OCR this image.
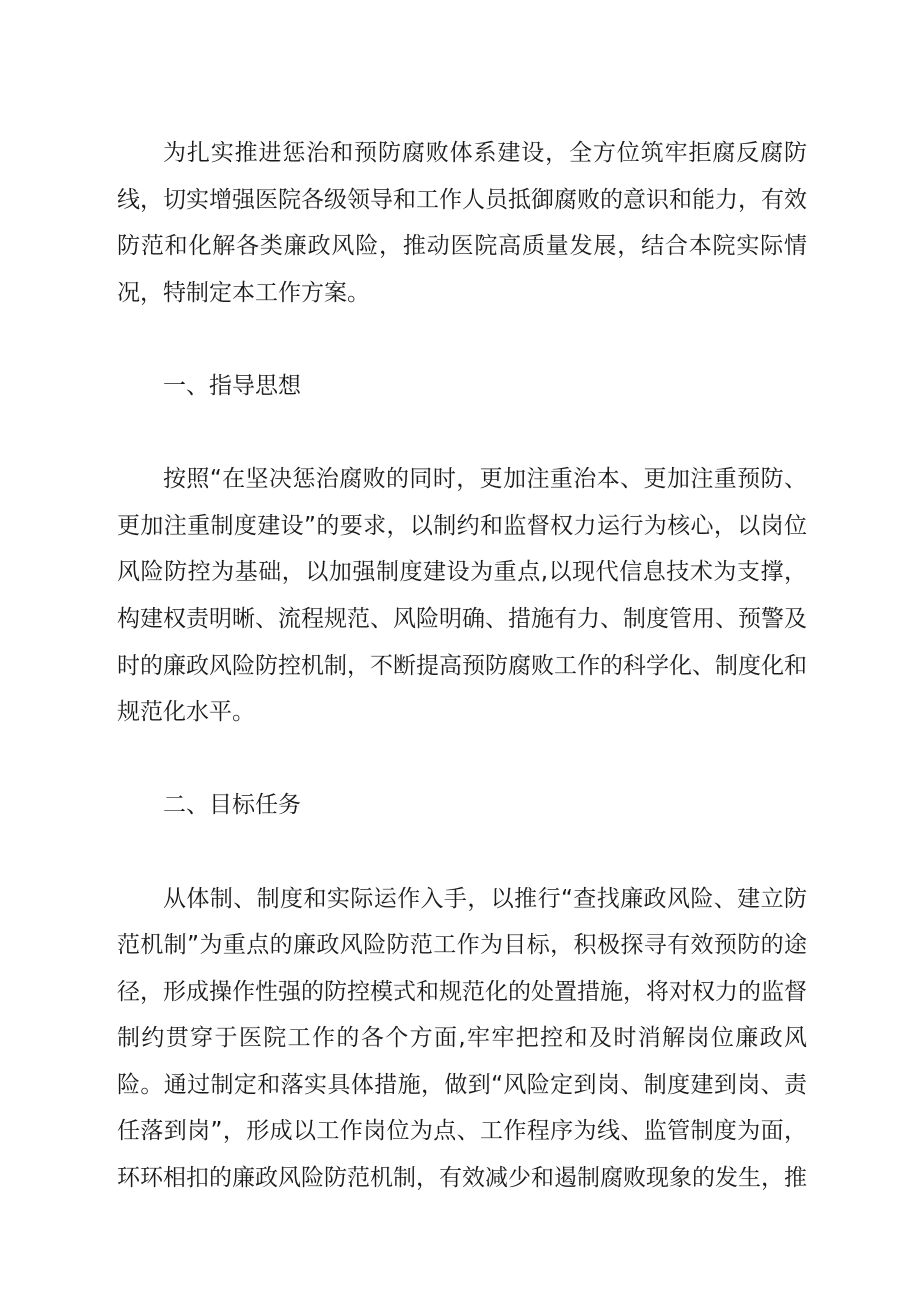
为扎实推进惩治和预防腐败体系建设，全方位筑牢拒腐反腐防线，切实增强医院各级领导和工作人员抵御腐败的意识和能力，有效防范和化解各类廉政风险，推动医院高质量发展，结合本院实际情况，特制定本工作方案。

一、指导思想

按照“在坚决惩治腐败的同时，更加注重治本、更加注重预防、更加注重制度建设”的要求，以制约和监督权力运行为核心，以岗位风险防控为基础，以加强制度建设为重点,以现代信息技术为支撑，构建权责明晰、流程规范、风险明确、措施有力、制度管用、预警及时的廉政风险防控机制，不断提高预防腐败工作的科学化、制度化和规范化水平。

二、目标任务

从体制、制度和实际运作入手，以推行“查找廉政风险、建立防范机制”为重点的廉政风险防范工作为目标，积极探寻有效预防的途径，形成操作性强的防控模式和规范化的处置措施，将对权力的监督制约贯穿于医院工作的各个方面,牢牢把控和及时消解岗位廉政风险。通过制定和落实具体措施，做到“风险定到岗、制度建到岗、责任落到岗”，形成以工作岗位为点、工作程序为线、监管制度为面，环环相扣的廉政风险防范机制，有效减少和遏制腐败现象的发生，推
